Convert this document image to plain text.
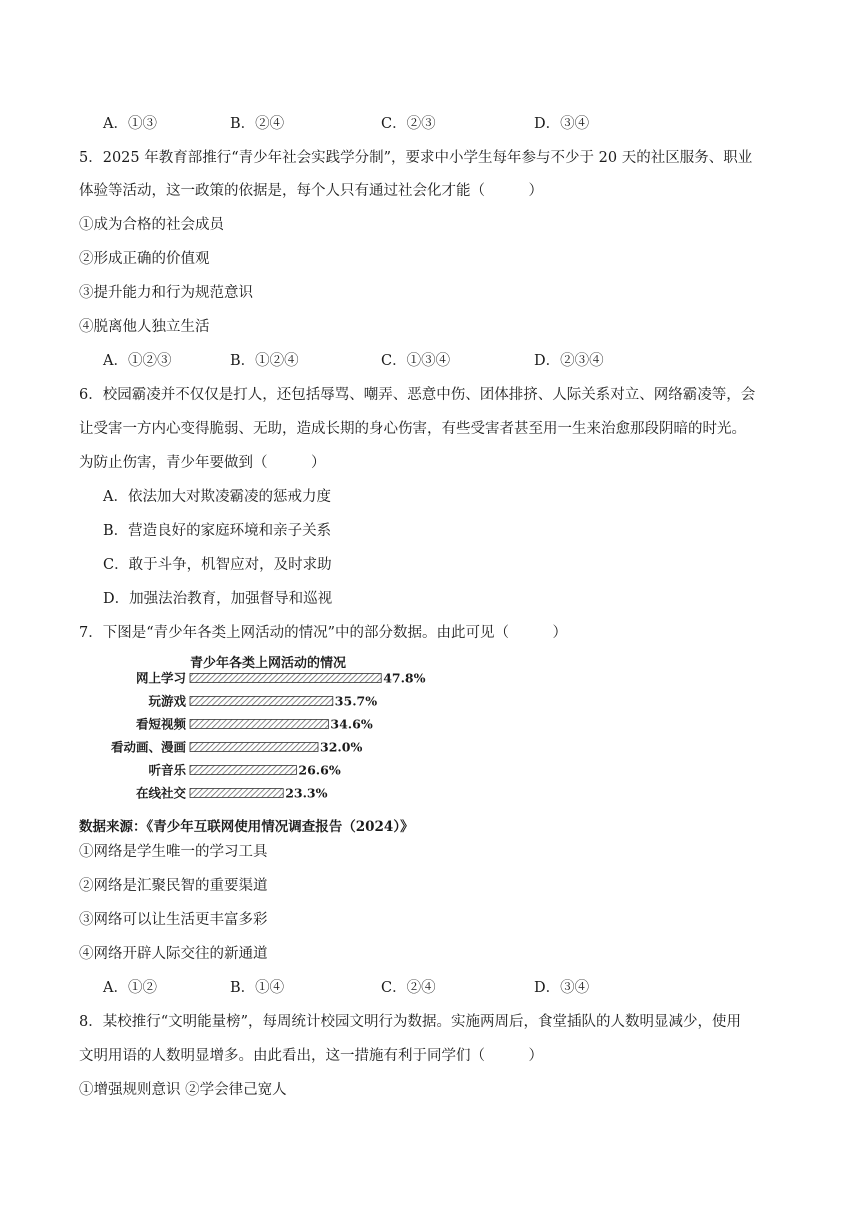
A．①③	B．②④	C．②③	D．③④
5．2025 年教育部推行“青少年社会实践学分制”，要求中小学生每年参与不少于 20 天的社区服务、职业
体验等活动，这一政策的依据是，每个人只有通过社会化才能（　　　）
①成为合格的社会成员
②形成正确的价值观
③提升能力和行为规范意识
④脱离他人独立生活
A．①②③	B．①②④	C．①③④	D．②③④
6．校园霸凌并不仅仅是打人，还包括辱骂、嘲弄、恶意中伤、团体排挤、人际关系对立、网络霸凌等，会
让受害一方内心变得脆弱、无助，造成长期的身心伤害，有些受害者甚至用一生来治愈那段阴暗的时光。
为防止伤害，青少年要做到（　　　）
A．依法加大对欺凌霸凌的惩戒力度
B．营造良好的家庭环境和亲子关系
C．敢于斗争，机智应对，及时求助
D．加强法治教育，加强督导和巡视
7．下图是“青少年各类上网活动的情况”中的部分数据。由此可见（　　　）
青少年各类上网活动的情况
网上学习	47.8%
玩游戏	35.7%
看短视频	34.6%
看动画、漫画	32.0%
听音乐	26.6%
在线社交	23.3%
数据来源：《青少年互联网使用情况调查报告（2024）》
①网络是学生唯一的学习工具
②网络是汇聚民智的重要渠道
③网络可以让生活更丰富多彩
④网络开辟人际交往的新通道
A．①②	B．①④	C．②④	D．③④
8．某校推行“文明能量榜”，每周统计校园文明行为数据。实施两周后，食堂插队的人数明显减少，使用
文明用语的人数明显增多。由此看出，这一措施有利于同学们（　　　）
①增强规则意识 ②学会律己宽人
